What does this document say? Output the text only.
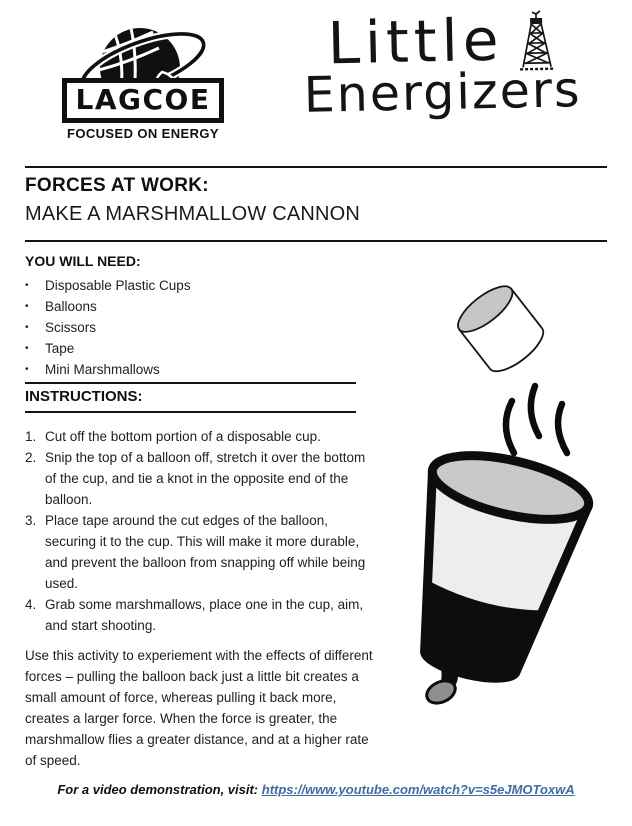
LAGCOE
FOCUSED ON ENERGY
Little
Energizers
FORCES AT WORK:
MAKE A MARSHMALLOW CANNON
YOU WILL NEED:
INSTRUCTIONS:
•	Disposable Plastic Cups
•	Balloons
•	Scissors
•	Tape
•	Mini Marshmallows
1. Cut off the bottom portion of a disposable cup.
2. Snip the top of a balloon off, stretch it over the bottom of the cup, and tie a knot in the opposite end of the balloon.
3. Place tape around the cut edges of the balloon, securing it to the cup. This will make it more durable, and prevent the balloon from snapping off while being used.
4. Grab some marshmallows, place one in the cup, aim, and start shooting.
Use this activity to experiement with the effects of different forces – pulling the balloon back just a little bit creates a small amount of force, whereas pulling it back more, creates a larger force. When the force is greater, the marshmallow flies a greater distance, and at a higher rate of speed.
For a video demonstration, visit: https://www.youtube.com/watch?v=s5eJMOToxwA
